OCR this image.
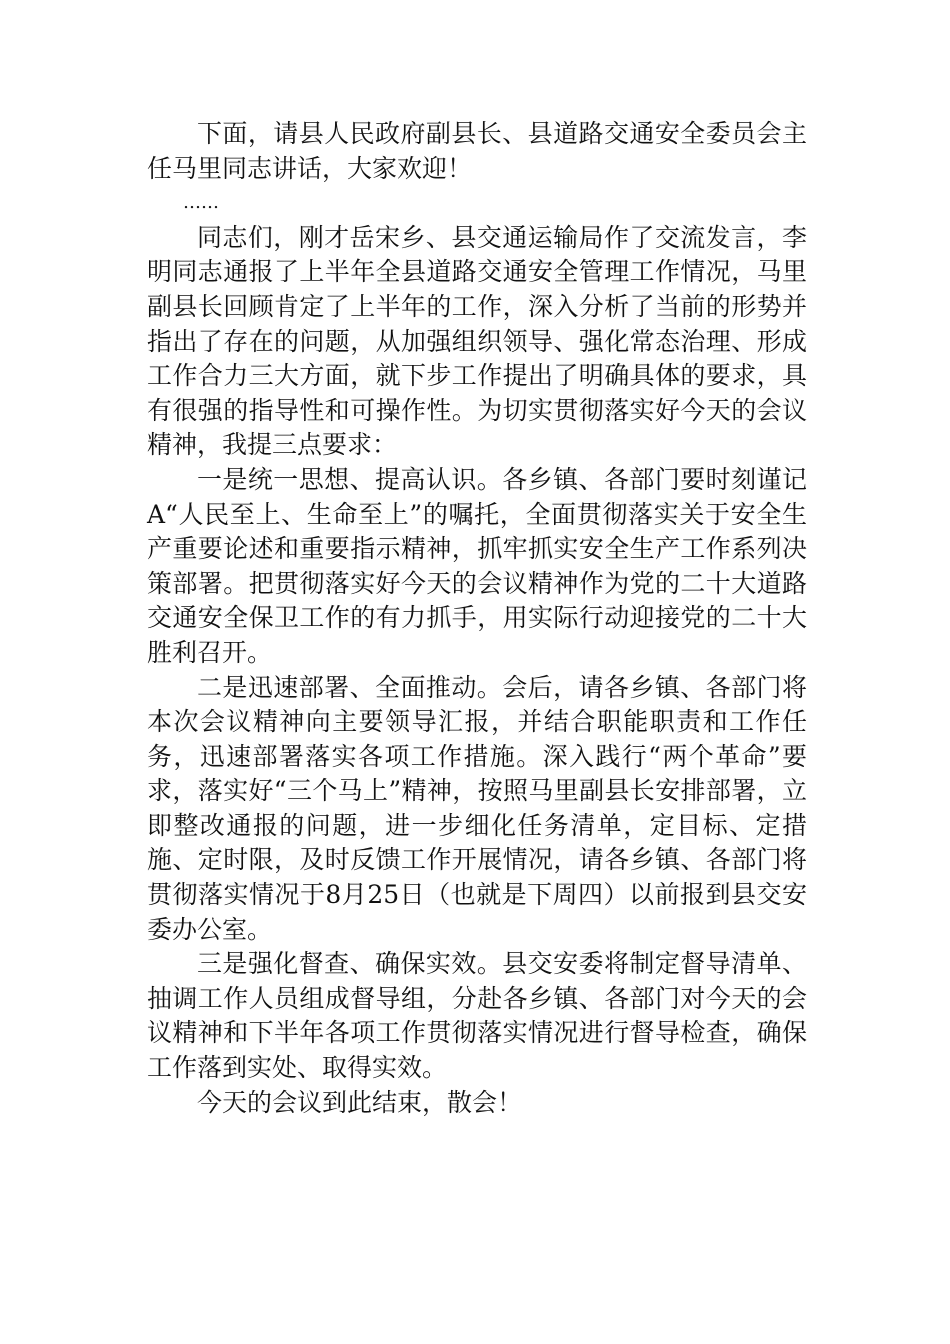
下面，请县人民政府副县长、县道路交通安全委员会主任马里同志讲话，大家欢迎！

……

同志们，刚才岳宋乡、县交通运输局作了交流发言，李明同志通报了上半年全县道路交通安全管理工作情况，马里副县长回顾肯定了上半年的工作，深入分析了当前的形势并指出了存在的问题，从加强组织领导、强化常态治理、形成工作合力三大方面，就下步工作提出了明确具体的要求，具有很强的指导性和可操作性。为切实贯彻落实好今天的会议精神，我提三点要求：

一是统一思想、提高认识。各乡镇、各部门要时刻谨记A“人民至上、生命至上”的嘱托，全面贯彻落实关于安全生产重要论述和重要指示精神，抓牢抓实安全生产工作系列决策部署。把贯彻落实好今天的会议精神作为党的二十大道路交通安全保卫工作的有力抓手，用实际行动迎接党的二十大胜利召开。

二是迅速部署、全面推动。会后，请各乡镇、各部门将本次会议精神向主要领导汇报，并结合职能职责和工作任务，迅速部署落实各项工作措施。深入践行“两个革命”要求，落实好“三个马上”精神，按照马里副县长安排部署，立即整改通报的问题，进一步细化任务清单，定目标、定措施、定时限，及时反馈工作开展情况，请各乡镇、各部门将贯彻落实情况于8月25日（也就是下周四）以前报到县交安委办公室。

三是强化督查、确保实效。县交安委将制定督导清单、抽调工作人员组成督导组，分赴各乡镇、各部门对今天的会议精神和下半年各项工作贯彻落实情况进行督导检查，确保工作落到实处、取得实效。

今天的会议到此结束，散会！
